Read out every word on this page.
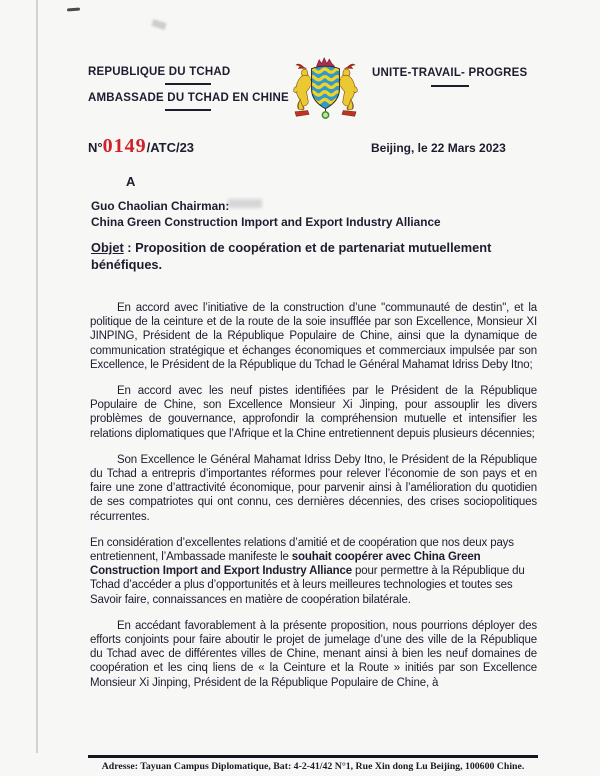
REPUBLIQUE DU TCHAD
AMBASSADE DU TCHAD EN CHINE
UNITE-TRAVAIL- PROGRES
N° 0149 /ATC/23	Beijing, le 22 Mars 2023
A
Guo Chaolian Chairman:
China Green Construction Import and Export Industry Alliance
Objet : Proposition de coopération et de partenariat mutuellement bénéfiques.

En accord avec l’initiative de la construction d’une "communauté de destin", et la politique de la ceinture et de la route de la soie insufflée par son Excellence, Monsieur XI JINPING, Président de la République Populaire de Chine, ainsi que la dynamique de communication stratégique et échanges économiques et commerciaux impulsée par son Excellence, le Président de la République du Tchad le Général Mahamat Idriss Deby Itno;

En accord avec les neuf pistes identifiées par le Président de la République Populaire de Chine, son Excellence Monsieur Xi Jinping, pour assouplir les divers problèmes de gouvernance, approfondir la compréhension mutuelle et intensifier les relations diplomatiques que l’Afrique et la Chine entretiennent depuis plusieurs décennies;

Son Excellence le Général Mahamat Idriss Deby Itno, le Président de la République du Tchad a entrepris d’importantes réformes pour relever l’économie de son pays et en faire une zone d’attractivité économique, pour parvenir ainsi à l’amélioration du quotidien de ses compatriotes qui ont connu, ces dernières décennies, des crises sociopolitiques récurrentes.

En considération d’excellentes relations d’amitié et de coopération que nos deux pays entretiennent, l’Ambassade manifeste le souhait coopérer avec China Green Construction Import and Export Industry Alliance pour permettre à la République du Tchad d’accéder a plus d’opportunités et à leurs meilleures technologies et toutes ses Savoir faire, connaissances en matière de coopération bilatérale.

En accédant favorablement à la présente proposition, nous pourrions déployer des efforts conjoints pour faire aboutir le projet de jumelage d’une des ville de la République du Tchad avec de différentes villes de Chine, menant ainsi à bien les neuf domaines de coopération et les cinq liens de « la Ceinture et la Route » initiés par son Excellence Monsieur Xi Jinping, Président de la République Populaire de Chine, à

Adresse: Tayuan Campus Diplomatique, Bat: 4-2-41/42 N°1, Rue Xin dong Lu Beijing, 100600 Chine.
